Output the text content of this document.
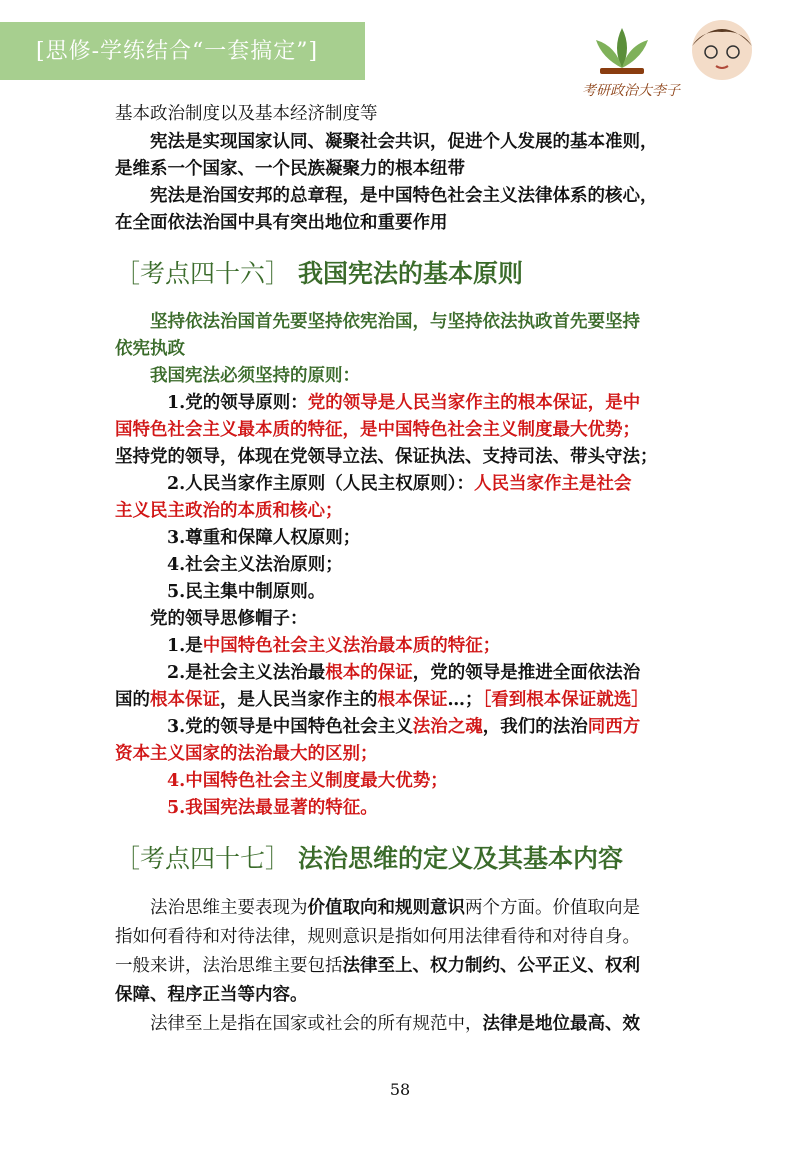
[思修-学练结合“一套搞定”]
考研政治大李子

基本政治制度以及基本经济制度等

宪法是实现国家认同、凝聚社会共识，促进个人发展的基本准则，

是维系一个国家、一个民族凝聚力的根本纽带

宪法是治国安邦的总章程，是中国特色社会主义法律体系的核心，

在全面依法治国中具有突出地位和重要作用

［考点四十六］ 我国宪法的基本原则

坚持依法治国首先要坚持依宪治国，与坚持依法执政首先要坚持

依宪执政

我国宪法必须坚持的原则：

1.党的领导原则：党的领导是人民当家作主的根本保证，是中

国特色社会主义最本质的特征，是中国特色社会主义制度最大优势；

坚持党的领导，体现在党领导立法、保证执法、支持司法、带头守法；

2.人民当家作主原则（人民主权原则）：人民当家作主是社会

主义民主政治的本质和核心；

3.尊重和保障人权原则；

4.社会主义法治原则；

5.民主集中制原则。

党的领导思修帽子：

1.是中国特色社会主义法治最本质的特征；

2.是社会主义法治最根本的保证，党的领导是推进全面依法治

国的根本保证，是人民当家作主的根本保证…；［看到根本保证就选］

3.党的领导是中国特色社会主义法治之魂，我们的法治同西方

资本主义国家的法治最大的区别；

4.中国特色社会主义制度最大优势；

5.我国宪法最显著的特征。

［考点四十七］ 法治思维的定义及其基本内容

法治思维主要表现为价值取向和规则意识两个方面。价值取向是

指如何看待和对待法律，规则意识是指如何用法律看待和对待自身。

一般来讲，法治思维主要包括法律至上、权力制约、公平正义、权利

保障、程序正当等内容。

法律至上是指在国家或社会的所有规范中，法律是地位最高、效

58
